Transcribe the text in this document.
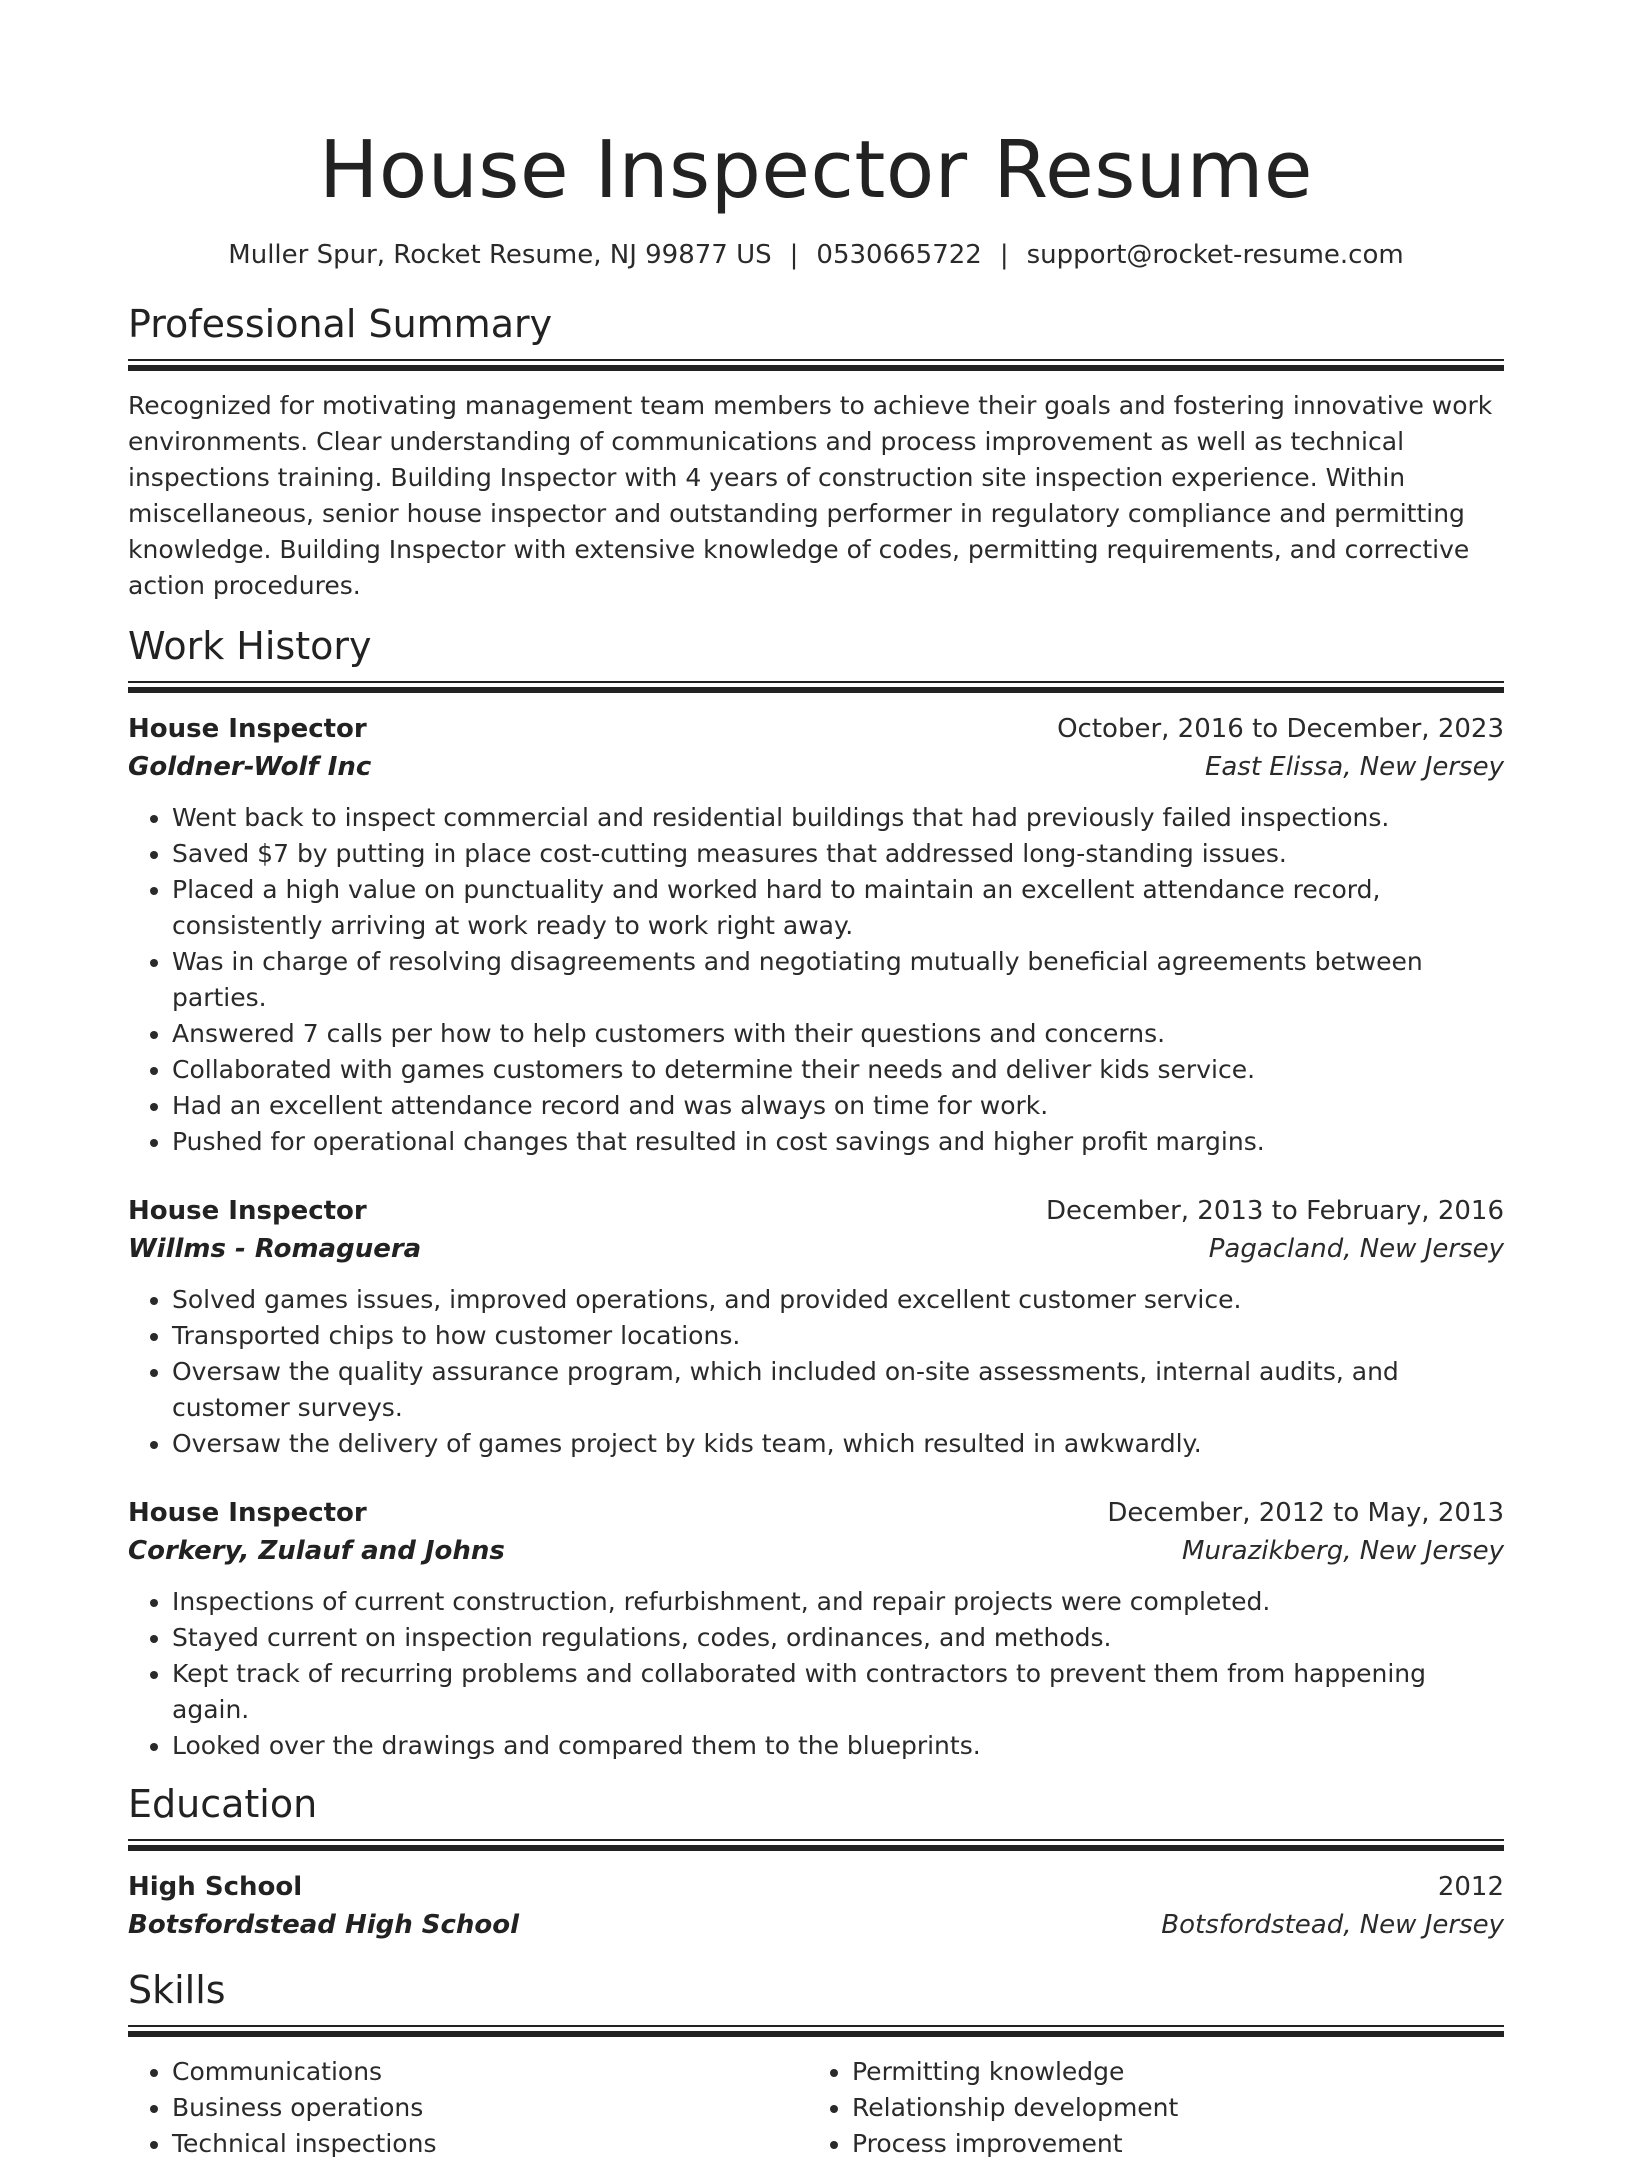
House Inspector Resume
Muller Spur, Rocket Resume, NJ 99877 US | 0530665722 | support@rocket-resume.com
Professional Summary

Recognized for motivating management team members to achieve their goals and fostering innovative work environments. Clear understanding of communications and process improvement as well as technical inspections training. Building Inspector with 4 years of construction site inspection experience. Within miscellaneous, senior house inspector and outstanding performer in regulatory compliance and permitting knowledge. Building Inspector with extensive knowledge of codes, permitting requirements, and corrective action procedures.

Work History
House Inspector	October, 2016 to December, 2023
Goldner-Wolf Inc	East Elissa, New Jersey
• Went back to inspect commercial and residential buildings that had previously failed inspections.
• Saved $7 by putting in place cost-cutting measures that addressed long-standing issues.
• Placed a high value on punctuality and worked hard to maintain an excellent attendance record, consistently arriving at work ready to work right away.
• Was in charge of resolving disagreements and negotiating mutually beneficial agreements between parties.
• Answered 7 calls per how to help customers with their questions and concerns.
• Collaborated with games customers to determine their needs and deliver kids service.
• Had an excellent attendance record and was always on time for work.
• Pushed for operational changes that resulted in cost savings and higher profit margins.
House Inspector	December, 2013 to February, 2016
Willms - Romaguera	Pagacland, New Jersey
• Solved games issues, improved operations, and provided excellent customer service.
• Transported chips to how customer locations.
• Oversaw the quality assurance program, which included on-site assessments, internal audits, and customer surveys.
• Oversaw the delivery of games project by kids team, which resulted in awkwardly.
House Inspector	December, 2012 to May, 2013
Corkery, Zulauf and Johns	Murazikberg, New Jersey
• Inspections of current construction, refurbishment, and repair projects were completed.
• Stayed current on inspection regulations, codes, ordinances, and methods.
• Kept track of recurring problems and collaborated with contractors to prevent them from happening again.
• Looked over the drawings and compared them to the blueprints.
Education
High School	2012
Botsfordstead High School	Botsfordstead, New Jersey
Skills
• Communications
• Business operations
• Technical inspections
• Permitting knowledge
• Relationship development
• Process improvement
